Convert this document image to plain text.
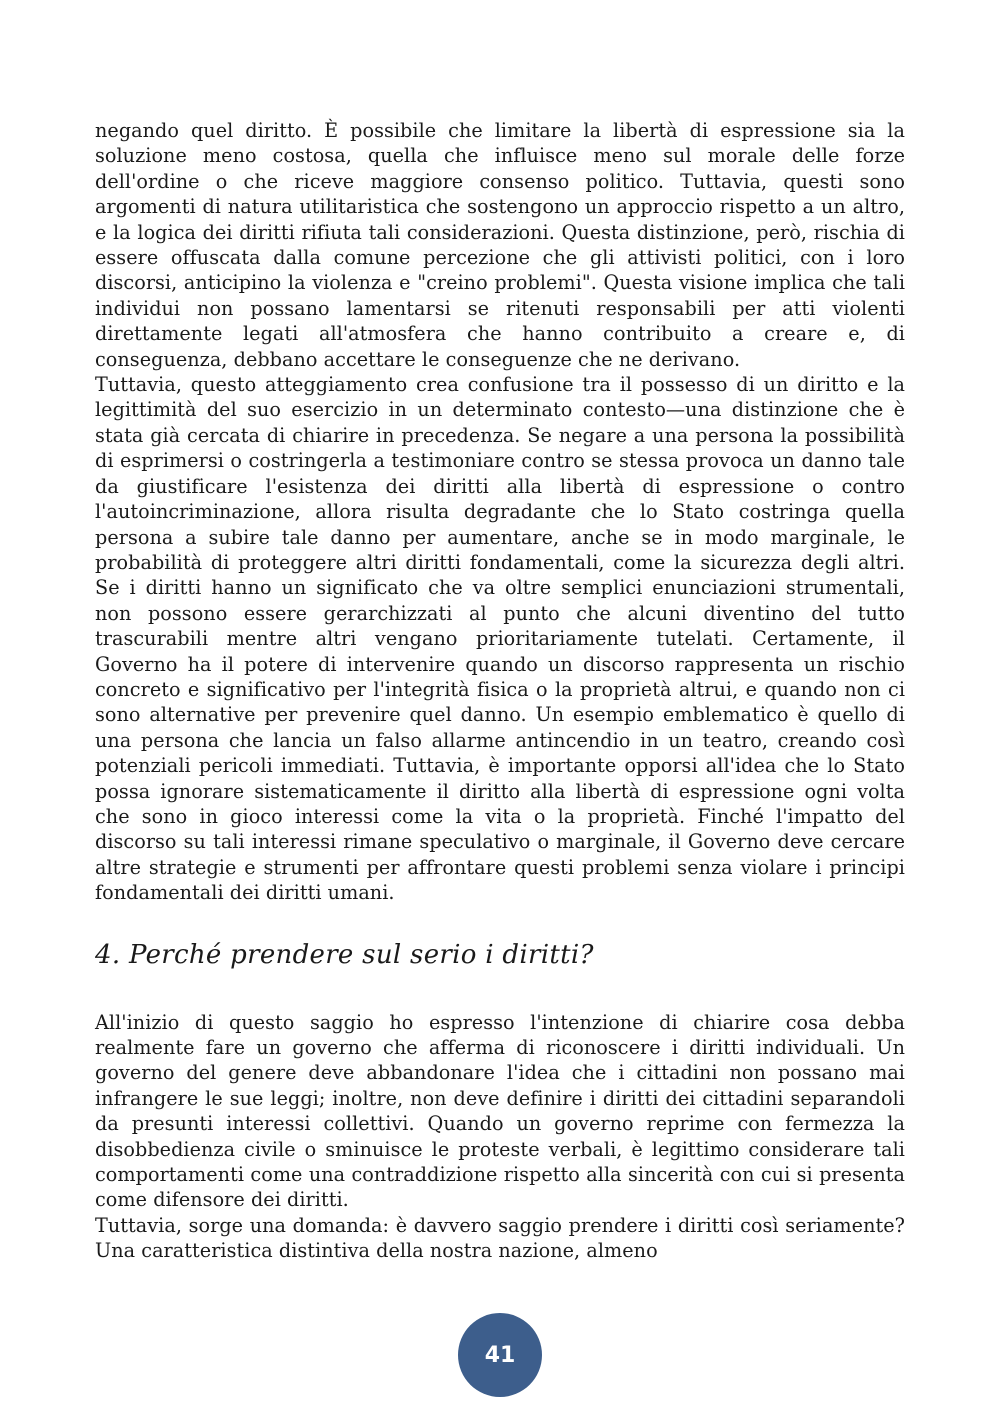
negando quel diritto. È possibile che limitare la libertà di espressione sia la soluzione meno costosa, quella che influisce meno sul morale delle forze dell'ordine o che riceve maggiore consenso politico. Tuttavia, questi sono argomenti di natura utilitaristica che sostengono un approccio rispetto a un altro, e la logica dei diritti rifiuta tali considerazioni. Questa distinzione, però, rischia di essere offuscata dalla comune percezione che gli attivisti politici, con i loro discorsi, anticipino la violenza e "creino problemi". Questa visione implica che tali individui non possano lamentarsi se ritenuti responsabili per atti violenti direttamente legati all'atmosfera che hanno contribuito a creare e, di conseguenza, debbano accettare le conseguenze che ne derivano.

Tuttavia, questo atteggiamento crea confusione tra il possesso di un diritto e la legittimità del suo esercizio in un determinato contesto—una distinzione che è stata già cercata di chiarire in precedenza. Se negare a una persona la possibilità di esprimersi o costringerla a testimoniare contro se stessa provoca un danno tale da giustificare l'esistenza dei diritti alla libertà di espressione o contro l'autoincriminazione, allora risulta degradante che lo Stato costringa quella persona a subire tale danno per aumentare, anche se in modo marginale, le probabilità di proteggere altri diritti fondamentali, come la sicurezza degli altri. Se i diritti hanno un significato che va oltre semplici enunciazioni strumentali, non possono essere gerarchizzati al punto che alcuni diventino del tutto trascurabili mentre altri vengano prioritariamente tutelati. Certamente, il Governo ha il potere di intervenire quando un discorso rappresenta un rischio concreto e significativo per l'integrità fisica o la proprietà altrui, e quando non ci sono alternative per prevenire quel danno. Un esempio emblematico è quello di una persona che lancia un falso allarme antincendio in un teatro, creando così potenziali pericoli immediati. Tuttavia, è importante opporsi all'idea che lo Stato possa ignorare sistematicamente il diritto alla libertà di espressione ogni volta che sono in gioco interessi come la vita o la proprietà. Finché l'impatto del discorso su tali interessi rimane speculativo o marginale, il Governo deve cercare altre strategie e strumenti per affrontare questi problemi senza violare i principi fondamentali dei diritti umani.

4. Perché prendere sul serio i diritti?

All'inizio di questo saggio ho espresso l'intenzione di chiarire cosa debba realmente fare un governo che afferma di riconoscere i diritti individuali. Un governo del genere deve abbandonare l'idea che i cittadini non possano mai infrangere le sue leggi; inoltre, non deve definire i diritti dei cittadini separandoli da presunti interessi collettivi. Quando un governo reprime con fermezza la disobbedienza civile o sminuisce le proteste verbali, è legittimo considerare tali comportamenti come una contraddizione rispetto alla sincerità con cui si presenta come difensore dei diritti.

Tuttavia, sorge una domanda: è davvero saggio prendere i diritti così seriamente? Una caratteristica distintiva della nostra nazione, almeno

41
